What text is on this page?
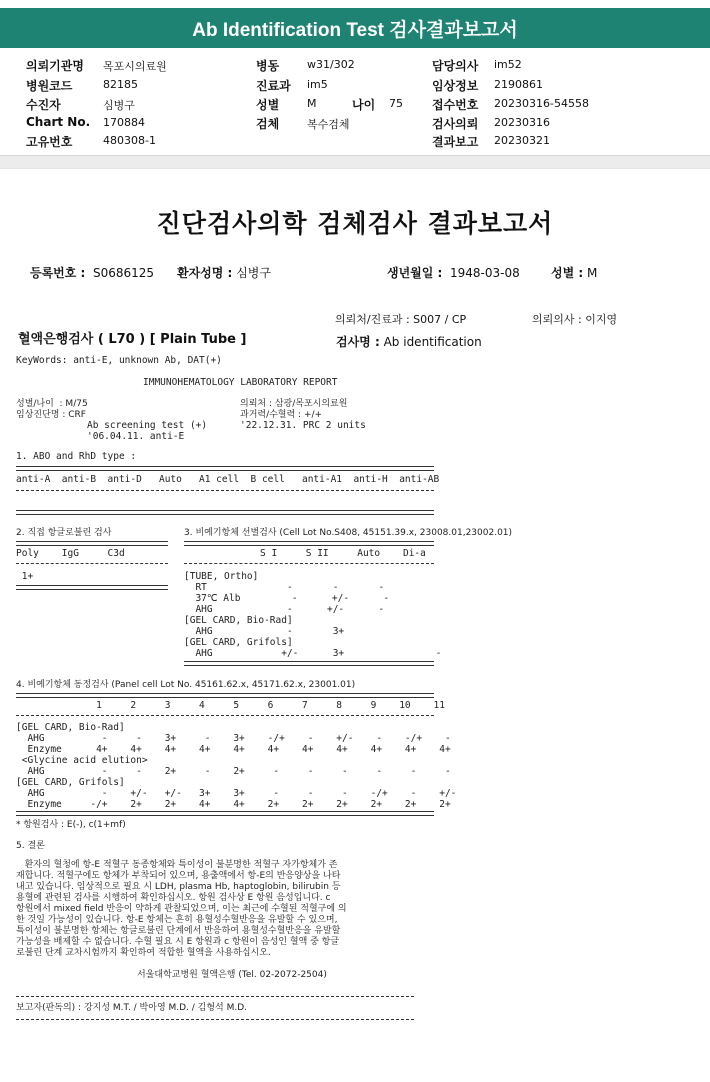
Ab Identification Test 검사결과보고서
의뢰기관명 목포시의료원
병원코드	82185
수진자	심병구
Chart No. 170884
고유번호	480308-1
병동	w31/302
진료과 im5
성별	M	나이 75
검체	복수검체
담당의사 im52
임상정보 2190861
접수번호 20230316-54558
검사의뢰 20230316
결과보고 20230321
진단검사의학 검체검사 결과보고서
등록번호 : S0686125 환자성명 : 심병구	생년월일 : 1948-03-08	성별 : M
의뢰처/진료과 : S007 / CP	의뢰의사 : 이지영
혈액은행검사 ( L70 ) [ Plain Tube ]	검사명 : Ab identification
KeyWords: anti-E, unknown Ab, DAT(+)
IMMUNOHEMATOLOGY LABORATORY REPORT
성별/나이  : M/75	의뢰처 : 삼광/목포시의료원
임상진단명 : CRF	과거력/수혈력 : +/+
Ab screening test (+)	'22.12.31. PRC 2 units
'06.04.11. anti-E
1. ABO and RhD type :
anti-A  anti-B  anti-D   Auto   A1 cell  B cell   anti-A1  anti-H  anti-AB
2. 직접 항글로불린 검사	3. 비예기항체 선별검사 (Cell Lot No.S408, 45151.39.x, 23008.01,23002.01)
Poly    IgG     C3d	S I     S II     Auto    Di-a
1+	[TUBE, Ortho]
RT              -       -       -
37℃ Alb         -      +/-      -
AHG             -      +/-      -
[GEL CARD, Bio-Rad]
AHG             -       3+
[GEL CARD, Grifols]
AHG            +/-      3+                -
4. 비예기항체 동정검사 (Panel cell Lot No. 45161.62.x, 45171.62.x, 23001.01)
1     2     3     4     5     6     7     8     9    10    11
[GEL CARD, Bio-Rad]
AHG          -     -    3+     -    3+    -/+    -    +/-    -    -/+    -
Enzyme      4+    4+    4+    4+    4+    4+    4+    4+    4+    4+    4+
<Glycine acid elution>
AHG          -     -    2+     -    2+     -     -     -     -     -     -
[GEL CARD, Grifols]
AHG          -    +/-   +/-   3+    3+     -     -     -    -/+    -    +/-
Enzyme     -/+    2+    2+    4+    4+    2+    2+    2+    2+    2+    2+
* 항원검사 : E(-), c(1+mf)
5. 결론
환자의 혈청에 항-E 적혈구 동종항체와 특이성이 불분명한 적혈구 자가항체가 존
재합니다. 적혈구에도 항체가 부착되어 있으며, 용출액에서 항-E의 반응양상을 나타
내고 있습니다. 임상적으로 필요 시 LDH, plasma Hb, haptoglobin, bilirubin 등
용혈에 관련된 검사를 시행하여 확인하십시오. 항원 검사상 E 항원 음성입니다. c
항원에서 mixed field 반응이 약하게 관찰되었으며, 이는 최근에 수혈된 적혈구에 의
한 것일 가능성이 있습니다. 항-E 항체는 흔히 용혈성수혈반응을 유발할 수 있으며,
특이성이 불분명한 항체는 항글로불린 단계에서 반응하여 용혈성수혈반응을 유발할
가능성을 배제할 수 없습니다. 수혈 필요 시 E 항원과 c 항원이 음성인 혈액 중 항글
로불린 단계 교차시험까지 확인하여 적합한 혈액을 사용하십시오.
서울대학교병원 혈액은행 (Tel. 02-2072-2504)
보고자(판독의) : 강지성 M.T. / 박아영 M.D. / 김형석 M.D.
